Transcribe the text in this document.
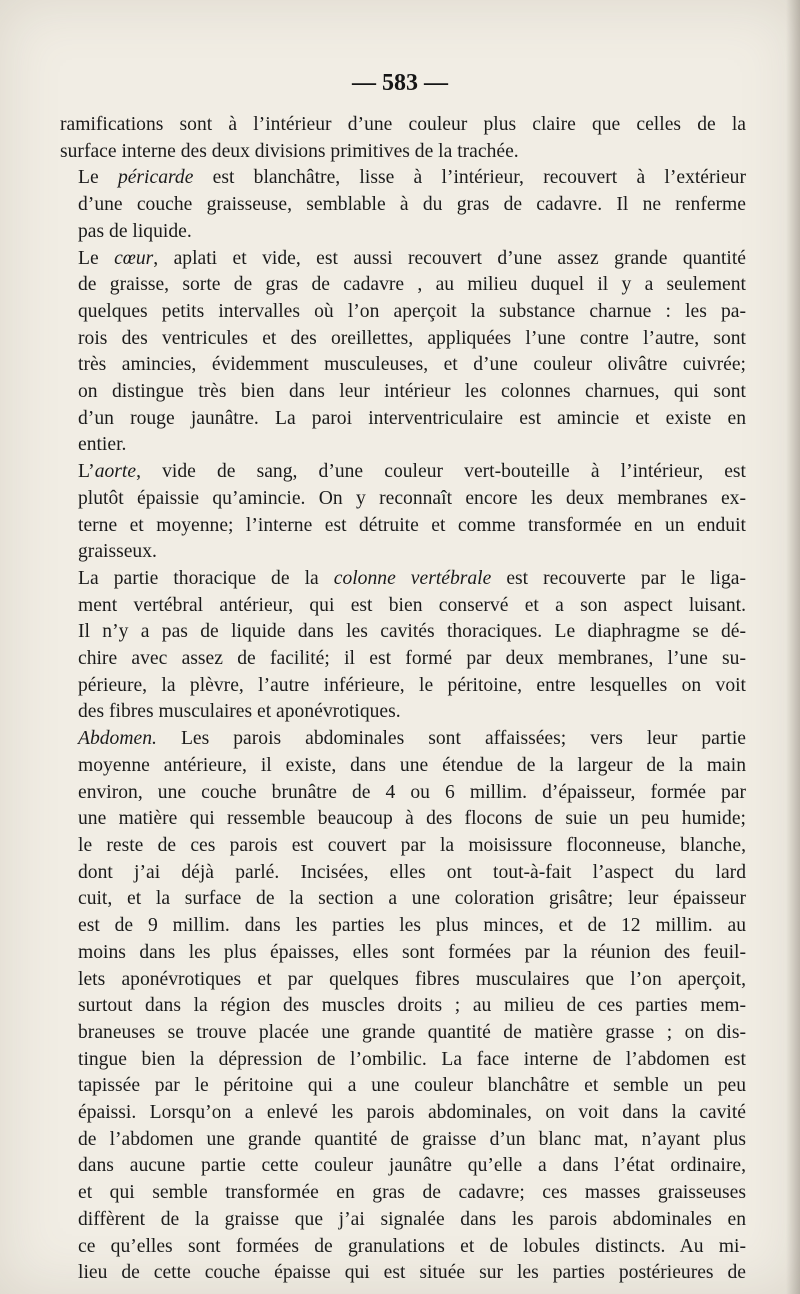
— 583 —

ramifications sont à l’intérieur d’une couleur plus claire que celles de la
surface interne des deux divisions primitives de la trachée.

Le péricarde est blanchâtre, lisse à l’intérieur, recouvert à l’extérieur
d’une couche graisseuse, semblable à du gras de cadavre. Il ne renferme
pas de liquide.

Le cœur, aplati et vide, est aussi recouvert d’une assez grande quantité
de graisse, sorte de gras de cadavre , au milieu duquel il y a seulement
quelques petits intervalles où l’on aperçoit la substance charnue : les pa-
rois des ventricules et des oreillettes, appliquées l’une contre l’autre, sont
très amincies, évidemment musculeuses, et d’une couleur olivâtre cuivrée;
on distingue très bien dans leur intérieur les colonnes charnues, qui sont
d’un rouge jaunâtre. La paroi interventriculaire est amincie et existe en
entier.

L’aorte, vide de sang, d’une couleur vert-bouteille à l’intérieur, est
plutôt épaissie qu’amincie. On y reconnaît encore les deux membranes ex-
terne et moyenne; l’interne est détruite et comme transformée en un enduit
graisseux.

La partie thoracique de la colonne vertébrale est recouverte par le liga-
ment vertébral antérieur, qui est bien conservé et a son aspect luisant.
Il n’y a pas de liquide dans les cavités thoraciques. Le diaphragme se dé-
chire avec assez de facilité; il est formé par deux membranes, l’une su-
périeure, la plèvre, l’autre inférieure, le péritoine, entre lesquelles on voit
des fibres musculaires et aponévrotiques.

Abdomen. Les parois abdominales sont affaissées; vers leur partie
moyenne antérieure, il existe, dans une étendue de la largeur de la main
environ, une couche brunâtre de 4 ou 6 millim. d’épaisseur, formée par
une matière qui ressemble beaucoup à des flocons de suie un peu humide;
le reste de ces parois est couvert par la moisissure floconneuse, blanche,
dont j’ai déjà parlé. Incisées, elles ont tout-à-fait l’aspect du lard
cuit, et la surface de la section a une coloration grisâtre; leur épaisseur
est de 9 millim. dans les parties les plus minces, et de 12 millim. au
moins dans les plus épaisses, elles sont formées par la réunion des feuil-
lets aponévrotiques et par quelques fibres musculaires que l’on aperçoit,
surtout dans la région des muscles droits ; au milieu de ces parties mem-
braneuses se trouve placée une grande quantité de matière grasse ; on dis-
tingue bien la dépression de l’ombilic. La face interne de l’abdomen est
tapissée par le péritoine qui a une couleur blanchâtre et semble un peu
épaissi. Lorsqu’on a enlevé les parois abdominales, on voit dans la cavité
de l’abdomen une grande quantité de graisse d’un blanc mat, n’ayant plus
dans aucune partie cette couleur jaunâtre qu’elle a dans l’état ordinaire,
et qui semble transformée en gras de cadavre; ces masses graisseuses
diffèrent de la graisse que j’ai signalée dans les parois abdominales en
ce qu’elles sont formées de granulations et de lobules distincts. Au mi-
lieu de cette couche épaisse qui est située sur les parties postérieures de
